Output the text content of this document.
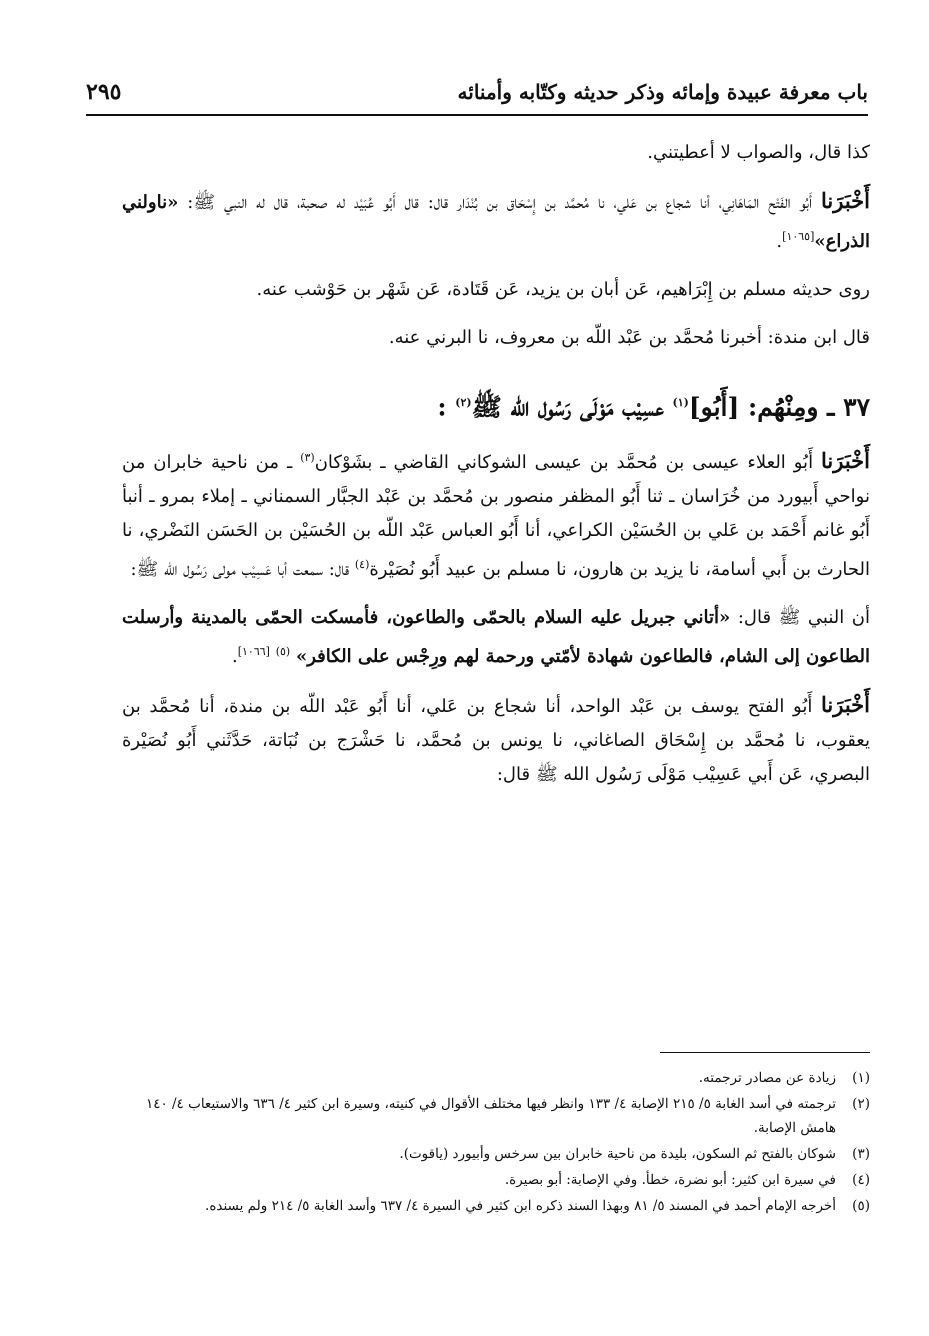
باب معرفة عبيدة وإمائه وذكر حديثه وكتّابه وأمنائه
٢٩٥

كذا قال، والصواب لا أعطيتني.

أَخْبَرَنا أَبُو الفَتْح المَاهَانِي، أنا شجاع بن عَلي، نا مُحمَّد بن إِسْحَاق بن بُنْدَار قال: قال أَبُو عُبَيْد له صحبة، قال له النبي ﷺ: «ناولني الذراع»[١٠٦٥].

روى حديثه مسلم بن إِبْرَاهيم، عَن أبان بن يزيد، عَن قَتَادة، عَن شَهْر بن حَوْشب عنه.

قال ابن مندة: أخبرنا مُحمَّد بن عَبْد اللّه بن معروف، نا البرني عنه.

٣٧ ـ ومِنْهُم: [أَبُو]$^{(١)}$ عسِيْب مَوْلَى رَسُول الله ﷺ$^{(٢)}$ :

أَخْبَرَنا أَبُو العلاء عيسى بن مُحمَّد بن عيسى الشوكاني القاضي ـ بشَوْكان$^{(٣)}$ ـ من ناحية خابران من نواحي أَبيورد من خُرَاسان ـ ثنا أَبُو المظفر منصور بن مُحمَّد بن عَبْد الجبَّار السمناني ـ إملاء بمرو ـ أنبأ أَبُو غانم أَحْمَد بن عَلي بن الحُسَيْن الكراعي، أنا أَبُو العباس عَبْد اللّه بن الحُسَيْن بن الحَسَن النَضْري، نا الحارث بن أَبي أسامة، نا يزيد بن هارون، نا مسلم بن عبيد أَبُو نُصَيْرة$^{(٤)}$ قال: سمعت أبا عَسِيْب مولى رَسُول الله ﷺ:

أن النبي ﷺ قال: «أتاني جبريل عليه السلام بالحمّى والطاعون، فأمسكت الحمّى بالمدينة وأرسلت الطاعون إلى الشام، فالطاعون شهادة لأمّتي ورحمة لهم ورِجْس على الكافر» $^{(٥)}$ [١٠٦٦].

أَخْبَرَنا أَبُو الفتح يوسف بن عَبْد الواحد، أنا شجاع بن عَلي، أنا أَبُو عَبْد اللّه بن مندة، أنا مُحمَّد بن يعقوب، نا مُحمَّد بن إِسْحَاق الصاغاني، نا يونس بن مُحمَّد، نا حَشْرَج بن نُبَاتة، حَدَّثَني أَبُو نُصَيْرة البصري، عَن أَبي عَسِيْب مَوْلَى رَسُول الله ﷺ قال:

(١)
زيادة عن مصادر ترجمته.
(٢)
ترجمته في أسد الغابة ٥/ ٢١٥ الإصابة ٤/ ١٣٣ وانظر فيها مختلف الأقوال في كنيته، وسيرة ابن كثير ٤/ ٦٣٦ والاستيعاب ٤/ ١٤٠ هامش الإصابة.
(٣)
شوكان بالفتح ثم السكون، بليدة من ناحية خابران بين سرخس وأبيورد (ياقوت).
(٤)
في سيرة ابن كثير: أبو نضرة، خطأ. وفي الإصابة: أبو بصيرة.
(٥)
أخرجه الإمام أحمد في المسند ٥/ ٨١ وبهذا السند ذكره ابن كثير في السيرة ٤/ ٦٣٧ وأسد الغابة ٥/ ٢١٤ ولم يسنده.
